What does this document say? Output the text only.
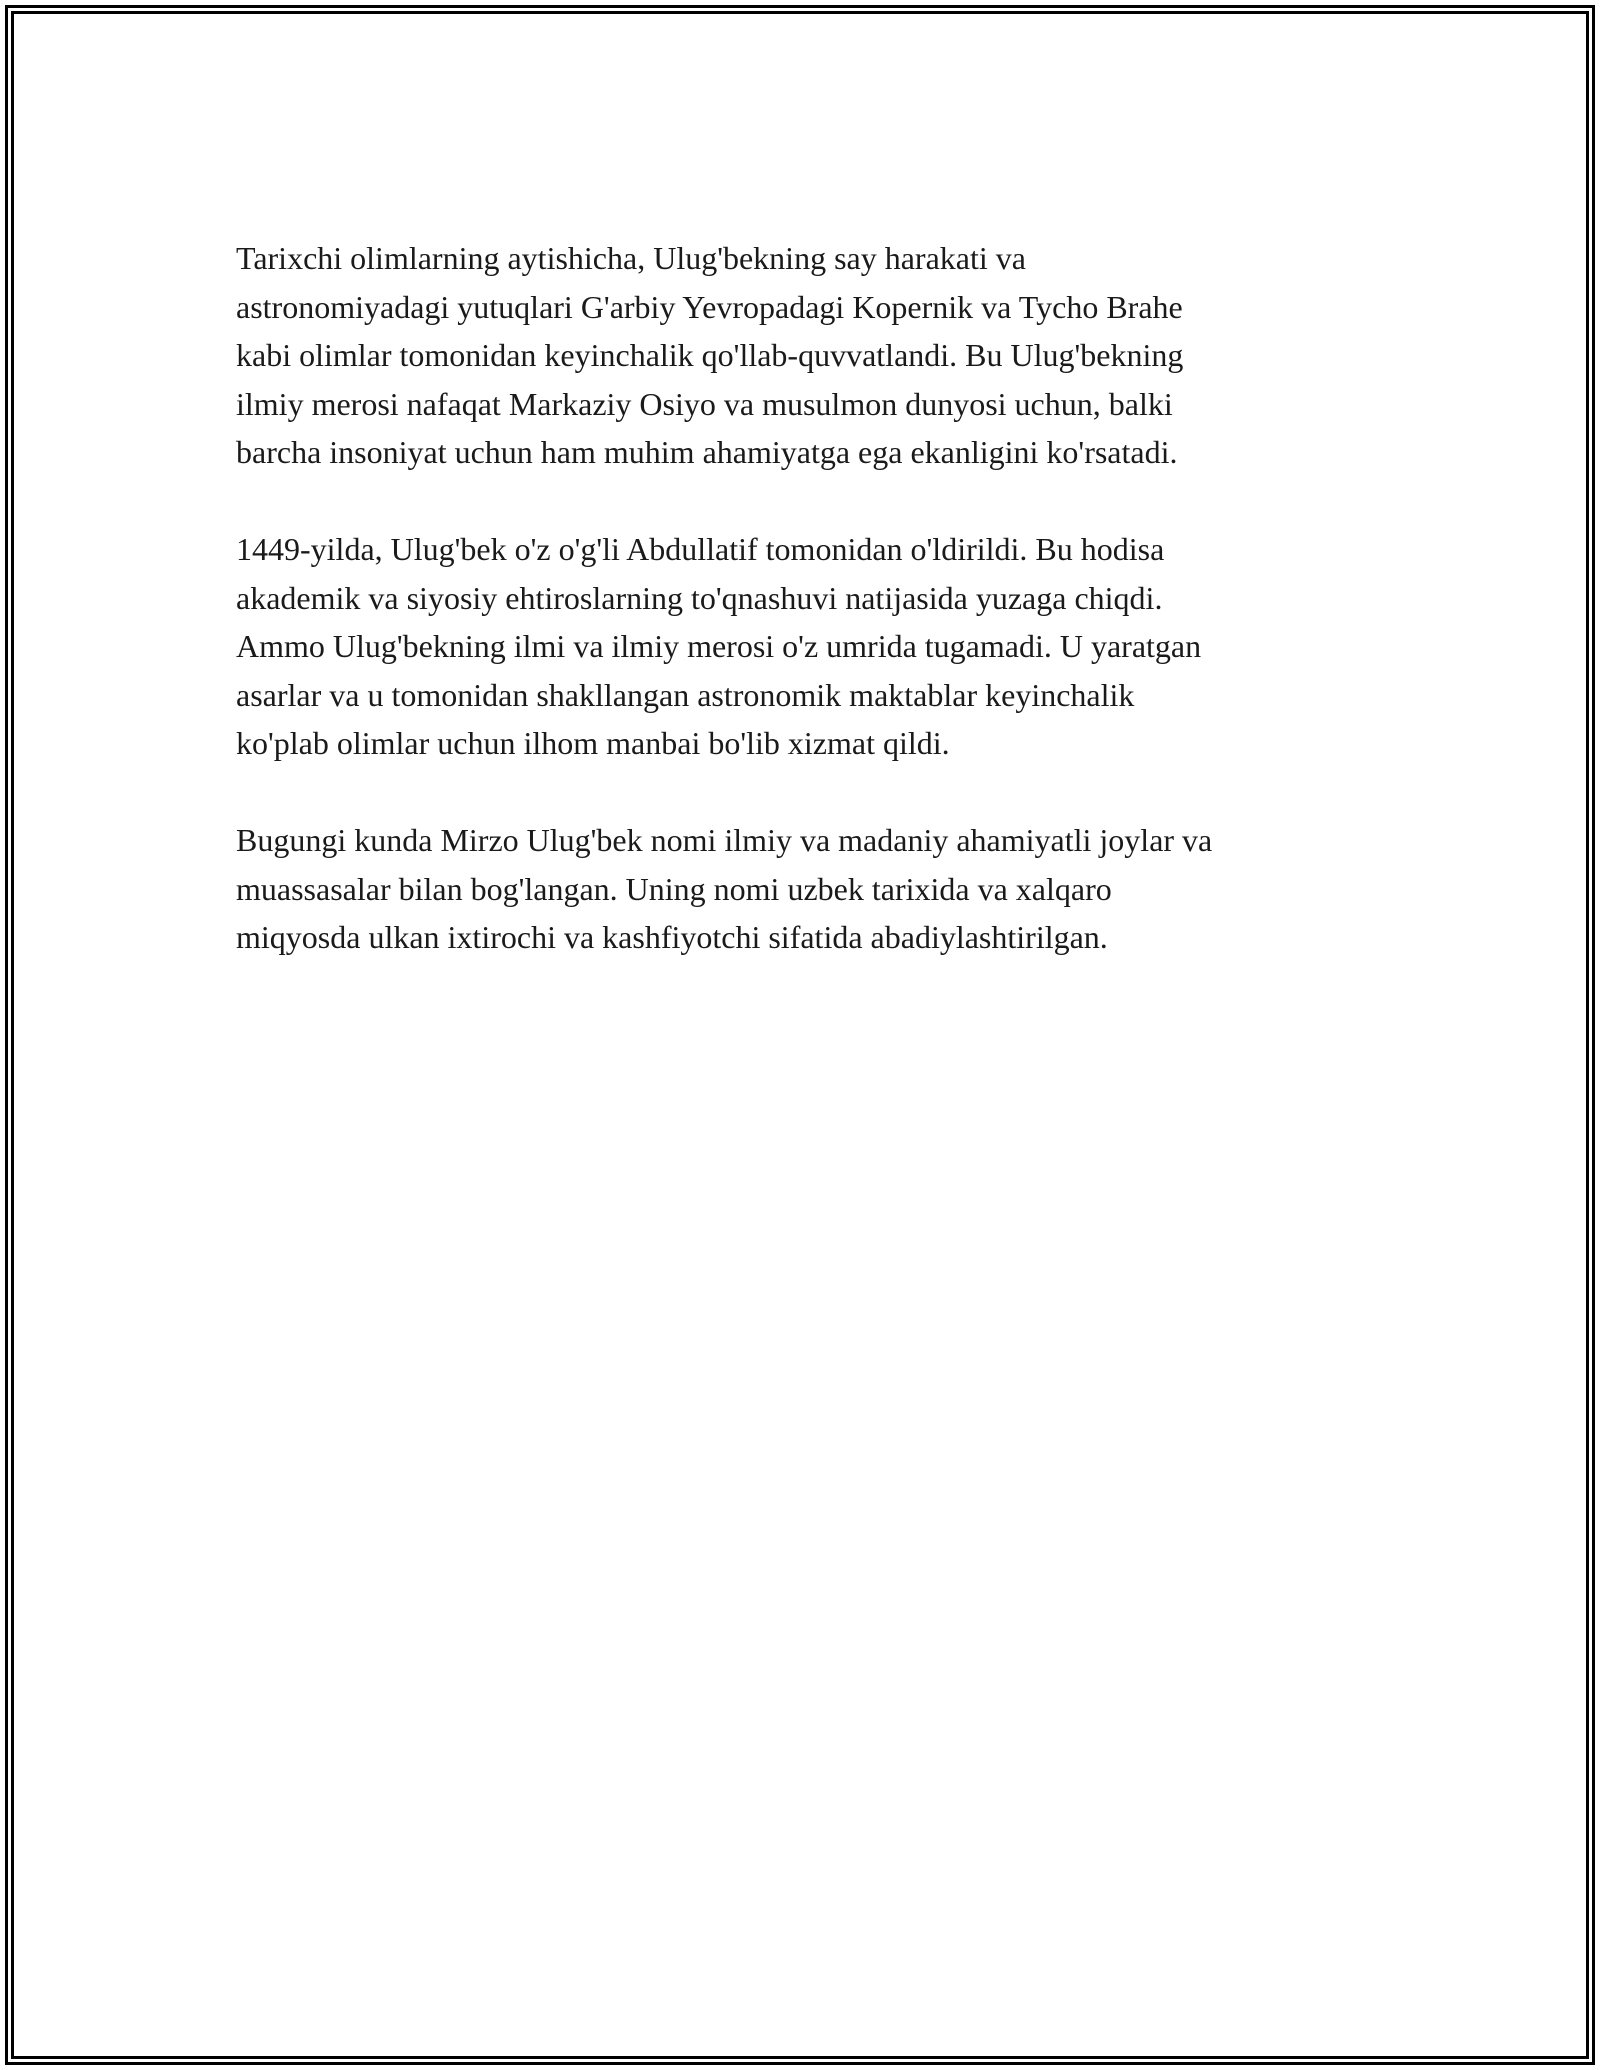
Tarixchi olimlarning aytishicha, Ulug'bekning say harakati va
astronomiyadagi yutuqlari G'arbiy Yevropadagi Kopernik va Tycho Brahe
kabi olimlar tomonidan keyinchalik qo'llab-quvvatlandi. Bu Ulug'bekning
ilmiy merosi nafaqat Markaziy Osiyo va musulmon dunyosi uchun, balki
barcha insoniyat uchun ham muhim ahamiyatga ega ekanligini ko'rsatadi.

1449-yilda, Ulug'bek o'z o'g'li Abdullatif tomonidan o'ldirildi. Bu hodisa
akademik va siyosiy ehtiroslarning to'qnashuvi natijasida yuzaga chiqdi.
Ammo Ulug'bekning ilmi va ilmiy merosi o'z umrida tugamadi. U yaratgan
asarlar va u tomonidan shakllangan astronomik maktablar keyinchalik
ko'plab olimlar uchun ilhom manbai bo'lib xizmat qildi.

Bugungi kunda Mirzo Ulug'bek nomi ilmiy va madaniy ahamiyatli joylar va
muassasalar bilan bog'langan. Uning nomi uzbek tarixida va xalqaro
miqyosda ulkan ixtirochi va kashfiyotchi sifatida abadiylashtirilgan.
